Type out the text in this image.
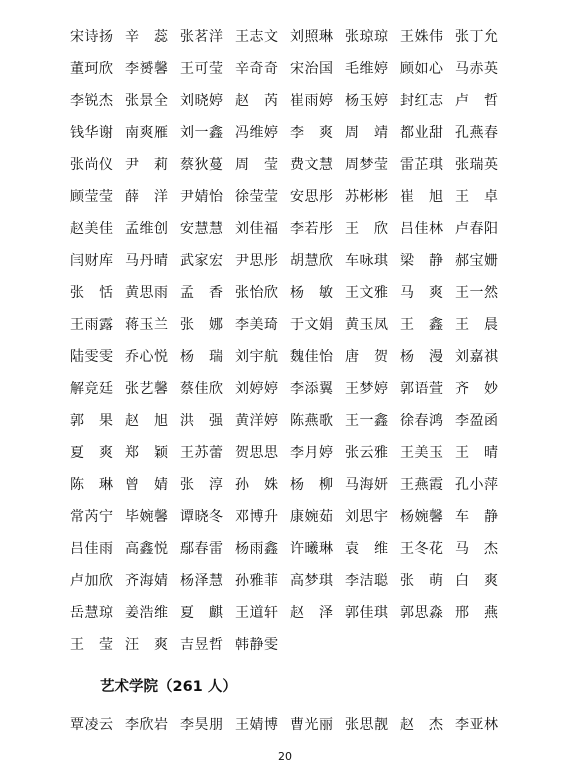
宋诗扬 辛　蕊 张茗洋 王志文 刘照琳 张琼琼 王姝伟 张丁允
董珂欣 李赟馨 王可莹 辛奇奇 宋治国 毛维婷 顾如心 马赤英
李锐杰 张景全 刘晓婷 赵　芮 崔雨婷 杨玉婷 封红志 卢　哲
钱华谢 南爽雁 刘一鑫 冯维婷 李　爽 周　靖 都业甜 孔燕春
张尚仪 尹　莉 蔡狄蔓 周　莹 费文慧 周梦莹 雷芷琪 张瑞英
顾莹莹 薛　洋 尹婧怡 徐莹莹 安思彤 苏彬彬 崔　旭 王　卓
赵美佳 孟维创 安慧慧 刘佳福 李若彤 王　欣 吕佳林 卢春阳
闫财库 马丹晴 武家宏 尹思彤 胡慧欣 车咏琪 梁　静 郝宝姗
张　恬 黄思雨 孟　香 张怡欣 杨　敏 王文雅 马　爽 王一然
王雨露 蒋玉兰 张　娜 李美琦 于文娟 黄玉凤 王　鑫 王　晨
陆雯雯 乔心悦 杨　瑞 刘宇航 魏佳怡 唐　贺 杨　漫 刘嘉祺
解竞廷 张艺馨 蔡佳欣 刘婷婷 李添翼 王梦婷 郭语萱 齐　妙
郭　果 赵　旭 洪　强 黄洋婷 陈燕歌 王一鑫 徐春鸿 李盈函
夏　爽 郑　颖 王苏蕾 贺思思 李月婷 张云雅 王美玉 王　晴
陈　琳 曾　婧 张　淳 孙　姝 杨　柳 马海妍 王燕霞 孔小萍
常芮宁 毕婉馨 谭晓冬 邓博升 康婉茹 刘思宇 杨婉馨 车　静
吕佳雨 高鑫悦 鄢春雷 杨雨鑫 许曦琳 袁　维 王冬花 马　杰
卢加欣 齐海婧 杨泽慧 孙雅菲 高梦琪 李洁聪 张　萌 白　爽
岳慧琼 姜浩维 夏　麒 王道轩 赵　泽 郭佳琪 郭思淼 邢　燕
王　莹 汪　爽 吉昱哲 韩静雯
艺术学院（261 人）
覃凌云 李欣岩 李昊朋 王婧博 曹光丽 张思靓 赵　杰 李亚林
20
